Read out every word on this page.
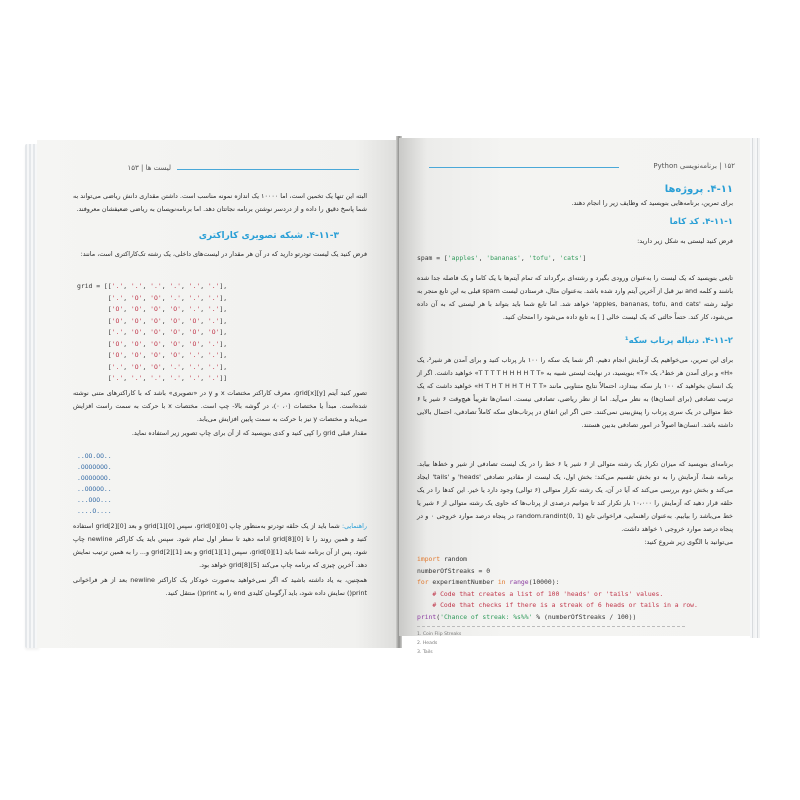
لیست ها | ۱۵۳
البته این تنها یک تخمین است، اما ۱۰۰۰۰ یک اندازه نمونه مناسب است. داشتن مقداری دانش ریاضی می‌تواند به شما پاسخ دقیق را داده و از دردسر نوشتن برنامه نجاتتان دهد. اما برنامه‌نویسان به ریاضی ضعیفشان معروفند.
۴-۱۱-۳. شبکه تصویری کاراکتری
فرض کنید یک لیست تودرتو دارید که در آن هر مقدار در لیست‌های داخلی، یک رشته تک‌کاراکتری است، مانند:
grid = [['.', '.', '.', '.', '.', '.'],
['.', 'O', 'O', '.', '.', '.'],
['O', 'O', 'O', 'O', '.', '.'],
['O', 'O', 'O', 'O', 'O', '.'],
['.', 'O', 'O', 'O', 'O', 'O'],
['O', 'O', 'O', 'O', 'O', '.'],
['O', 'O', 'O', 'O', '.', '.'],
['.', 'O', 'O', '.', '.', '.'],
['.', '.', '.', '.', '.', '.']]
تصور کنید آیتم grid[x][y]، معرف کاراکتر مختصات x و y در «تصویری» باشد که با کاراکترهای متنی نوشته شده‌است. مبدأ یا مختصات (۰، ۰)، در گوشه بالا- چپ است. مختصات x با حرکت به سمت راست افزایش می‌یابد و مختصات y نیز با حرکت به سمت پایین افزایش می‌یابد.
مقدار قبلی grid را کپی کنید و کدی بنویسید که از آن برای چاپ تصویر زیر استفاده نماید.
..OO.OO..
.OOOOOOO.
.OOOOOOO.
..OOOOO..
...OOO...
....O....
راهنمایی: شما باید از یک حلقه تودرتو به‌منظور چاپ grid[0][0]، سپس grid[1][0] و بعد grid[2][0] استفاده کنید و همین روند را تا grid[8][0] ادامه دهید تا سطر اول تمام شود. سپس باید یک کاراکتر newline چاپ شود. پس از آن برنامه شما باید grid[0][1]، سپس grid[1][1] و بعد grid[2][1] و... را به همین ترتیب نمایش دهد. آخرین چیزی که برنامه چاپ می‌کند grid[8][5] خواهد بود.
همچنین، به یاد داشته باشید که اگر نمی‌خواهید به‌صورت خودکار یک کاراکتر newline بعد از هر فراخوانی print() نمایش داده شود، باید آرگومان کلیدی end را به print() منتقل کنید.
۱۵۲ | برنامه‌نویسی Python
۴-۱۱. پروژه‌ها
برای تمرین، برنامه‌هایی بنویسید که وظایف زیر را انجام دهند.
۴-۱۱-۱. کد کاما
فرض کنید لیستی به شکل زیر دارید:
spam = ['apples', 'bananas', 'tofu', 'cats']
تابعی بنویسید که یک لیست را به‌عنوان ورودی بگیرد و رشته‌ای برگرداند که تمام آیتم‌ها با یک کاما و یک فاصله جدا شده باشند و کلمه and نیز قبل از آخرین آیتم وارد شده باشد. به‌عنوان مثال، فرستادن لیست spam قبلی به این تابع منجر به تولید رشته 'apples, bananas, tofu, and cats' خواهد شد. اما تابع شما باید بتواند با هر لیستی که به آن داده می‌شود، کار کند. حتماً حالتی که یک لیست خالی [ ] به تابع داده می‌شود را امتحان کنید.
۴-۱۱-۲. دنباله پرتاب سکه¹
برای این تمرین، می‌خواهیم یک آزمایش انجام دهیم. اگر شما یک سکه را ۱۰۰ بار پرتاب کنید و برای آمدن هر شیر²، یک «H» و برای آمدن هر خط³، یک «T» بنویسید، در نهایت لیستی شبیه به «T T T T H H H H T T» خواهید داشت. اگر از یک انسان بخواهید که ۱۰۰ بار سکه بیندازد، احتمالاً نتایج متناوبی مانند «H T H T H H T H T T» خواهید داشت که یک ترتیب تصادفی (برای انسان‌ها) به نظر می‌آید. اما از نظر ریاضی، تصادفی نیست. انسان‌ها تقریباً هیچ‌وقت ۶ شیر یا ۶ خط متوالی در یک سری پرتاب را پیش‌بینی نمی‌کنند. حتی اگر این اتفاق در پرتاب‌های سکه کاملاً تصادفی، احتمال بالایی داشته باشد. انسان‌ها اصولاً در امور تصادفی بدبین هستند.
برنامه‌ای بنویسید که میزان تکرار یک رشته متوالی از ۶ شیر یا ۶ خط را در یک لیست تصادفی از شیر و خط‌ها بیابد. برنامه شما، آزمایش را به دو بخش تقسیم می‌کند: بخش اول، یک لیست از مقادیر تصادفی 'heads' و 'tails' ایجاد می‌کند و بخش دوم بررسی می‌کند که آیا در آن، یک رشته تکرار متوالی (۶ توالی) وجود دارد یا خیر. این کدها را در یک حلقه قرار دهید که آزمایش را ۱۰،۰۰۰ بار تکرار کند تا بتوانیم درصدی از پرتاب‌ها که حاوی یک رشته متوالی از ۶ شیر یا خط می‌باشد را بیابیم. به‌عنوان راهنمایی، فراخوانی تابع random.randint(0, 1) در پنجاه درصد موارد خروجی ۰ و در پنجاه درصد موارد خروجی ۱ خواهد داشت.
می‌توانید با الگوی زیر شروع کنید:
import random
numberOfStreaks = 0
for experimentNumber in range(10000):
# Code that creates a list of 100 'heads' or 'tails' values.
# Code that checks if there is a streak of 6 heads or tails in a row.
print('Chance of streak: %s%%' % (numberOfStreaks / 100))
1. Coin Flip Streaks
2. Heads
3. Tails
